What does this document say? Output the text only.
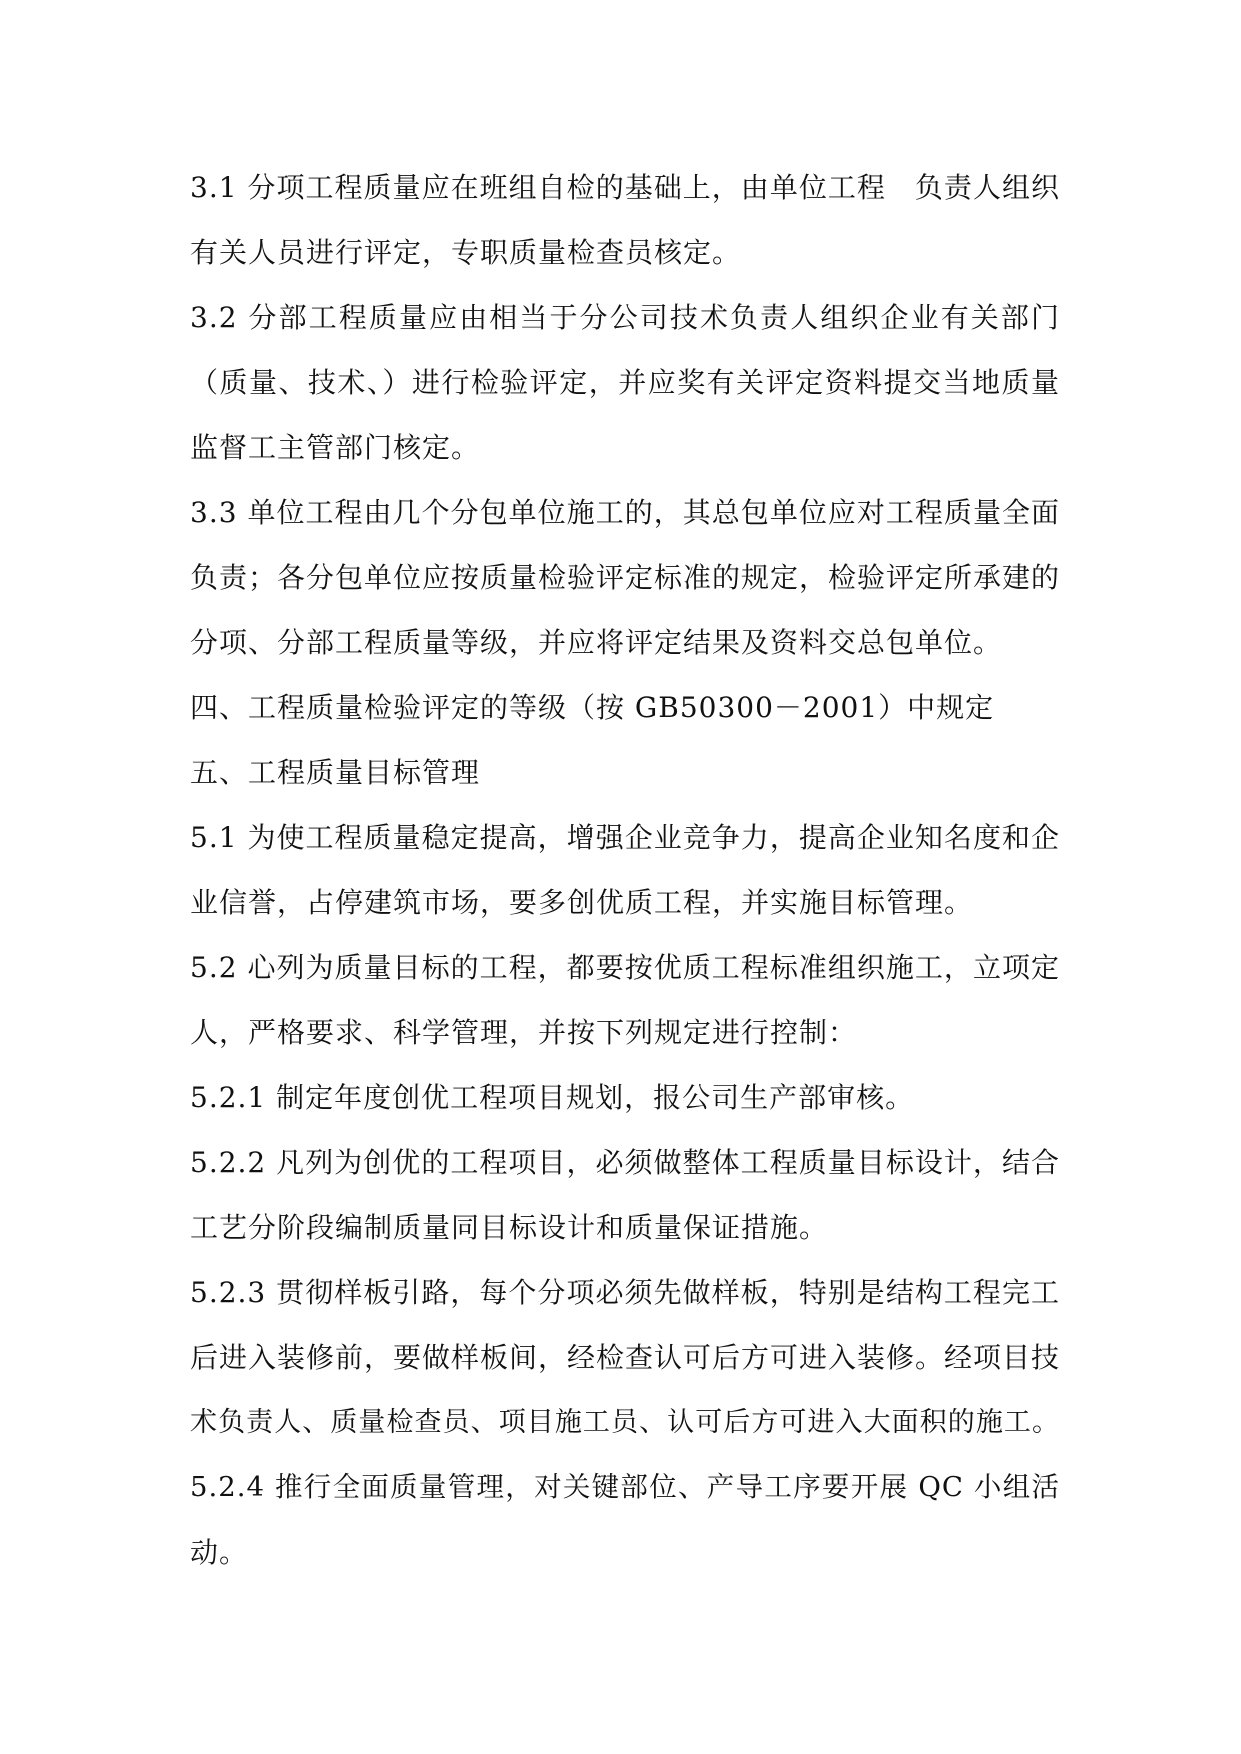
3.1 分项工程质量应在班组自检的基础上，由单位工程　负责人组织
有关人员进行评定，专职质量检查员核定。
3.2 分部工程质量应由相当于分公司技术负责人组织企业有关部门
（质量、技术、）进行检验评定，并应奖有关评定资料提交当地质量
监督工主管部门核定。
3.3 单位工程由几个分包单位施工的，其总包单位应对工程质量全面
负责；各分包单位应按质量检验评定标准的规定，检验评定所承建的
分项、分部工程质量等级，并应将评定结果及资料交总包单位。
四、工程质量检验评定的等级（按 GB50300－2001）中规定
五、工程质量目标管理
5.1 为使工程质量稳定提高，增强企业竞争力，提高企业知名度和企
业信誉，占停建筑市场，要多创优质工程，并实施目标管理。
5.2 心列为质量目标的工程，都要按优质工程标准组织施工，立项定
人，严格要求、科学管理，并按下列规定进行控制：
5.2.1 制定年度创优工程项目规划，报公司生产部审核。
5.2.2 凡列为创优的工程项目，必须做整体工程质量目标设计，结合
工艺分阶段编制质量同目标设计和质量保证措施。
5.2.3 贯彻样板引路，每个分项必须先做样板，特别是结构工程完工
后进入装修前，要做样板间，经检查认可后方可进入装修。经项目技
术负责人、质量检查员、项目施工员、认可后方可进入大面积的施工。
5.2.4 推行全面质量管理，对关键部位、产导工序要开展 QC 小组活
动。
